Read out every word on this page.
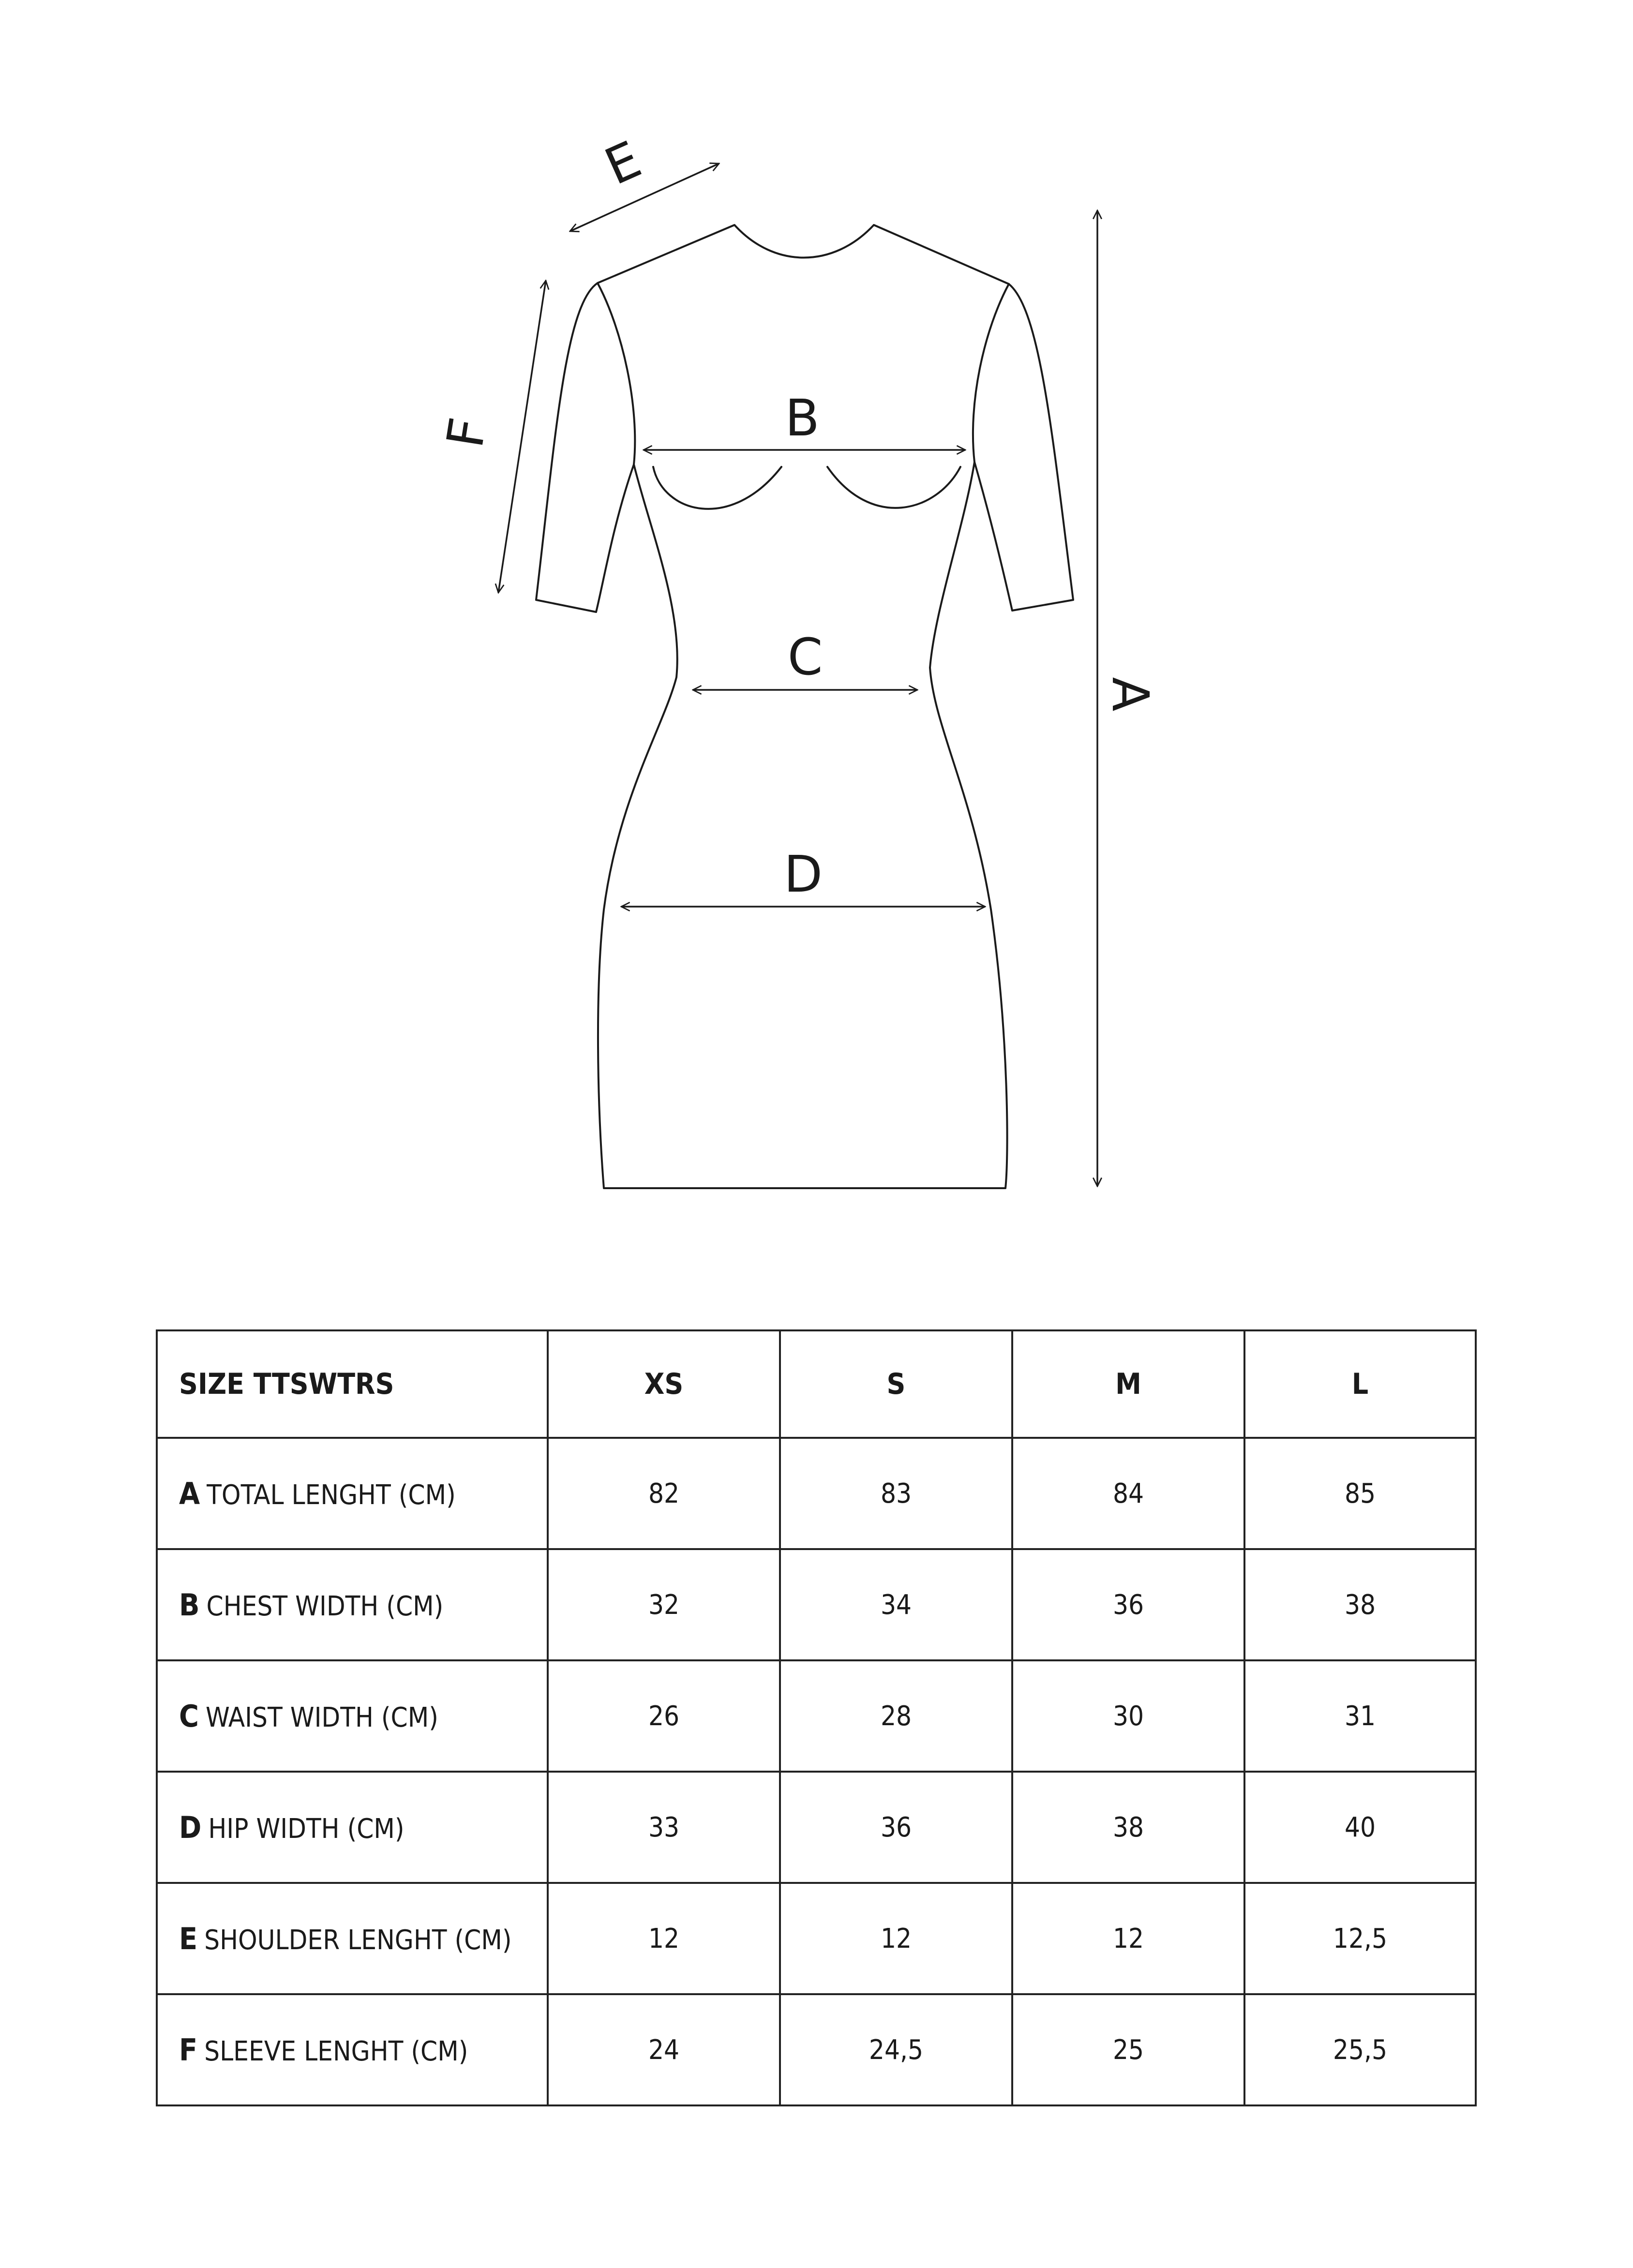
B
C
D
A
E
F
SIZE TTSWTRS	XS	S	M	L
A TOTAL LENGHT (CM)	82	83	84	85
B CHEST WIDTH (CM)	32	34	36	38
C WAIST WIDTH (CM)	26	28	30	31
D HIP WIDTH (CM)	33	36	38	40
E SHOULDER LENGHT (CM)	12	12	12	12,5
F SLEEVE LENGHT (CM)	24	24,5	25	25,5
